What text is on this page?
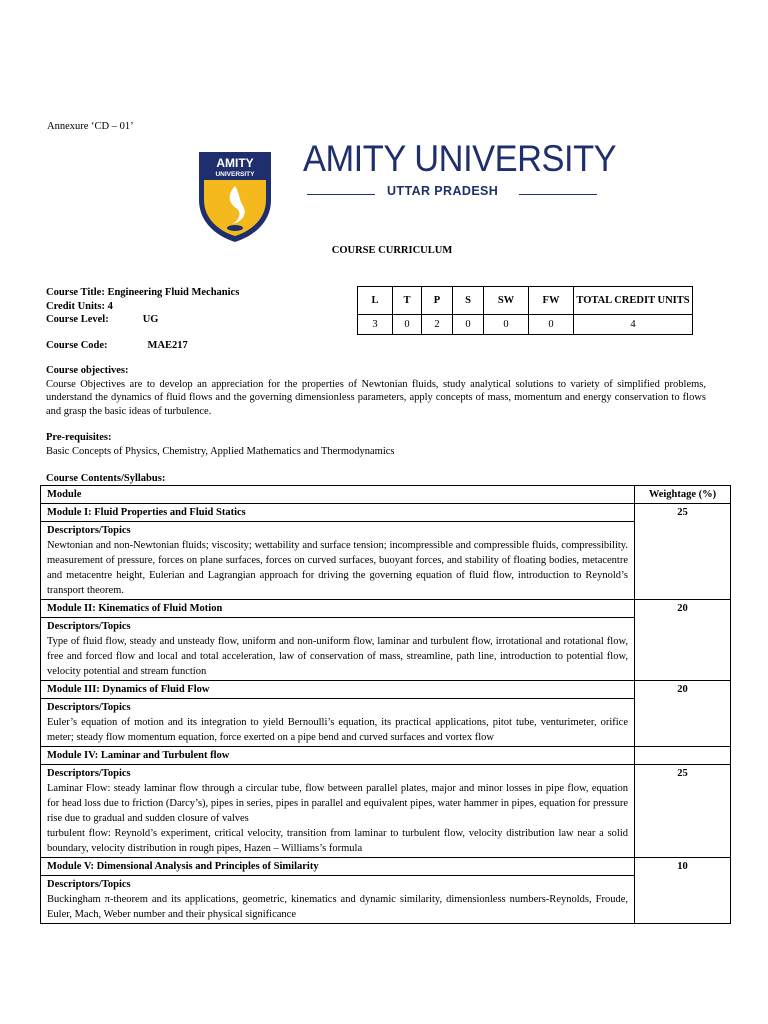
Annexure ‘CD – 01’
AMITY
UNIVERSITY AMITY UNIVERSITY
UTTAR PRADESH
COURSE CURRICULUM
Course Title: Engineering Fluid Mechanics
Credit Units: 4
Course Level:	UG
Course Code:	MAE217
L	T	P	S	SW	FW	TOTAL CREDIT UNITS
3	0	2	0	0	0	4
Course objectives:
Course Objectives are to develop an appreciation for the properties of Newtonian fluids, study analytical solutions to variety of simplified problems, understand the dynamics of fluid flows and the governing dimensionless parameters, apply concepts of mass, momentum and energy conservation to flows and grasp the basic ideas of turbulence.
Pre-requisites:
Basic Concepts of Physics, Chemistry, Applied Mathematics and Thermodynamics
Course Contents/Syllabus:
Module	Weightage (%)
Module I: Fluid Properties and Fluid Statics	25

Descriptors/Topics
Newtonian and non-Newtonian fluids; viscosity; wettability and surface tension; incompressible and compressible fluids, compressibility. measurement of pressure, forces on plane surfaces, forces on curved surfaces, buoyant forces, and stability of floating bodies, metacentre and metacentre height, Eulerian and Lagrangian approach for driving the governing equation of fluid flow, introduction to Reynold’s transport theorem.	

Module II: Kinematics of Fluid Motion	20

Descriptors/Topics
Type of fluid flow, steady and unsteady flow, uniform and non-uniform flow, laminar and turbulent flow, irrotational and rotational flow, free and forced flow and local and total acceleration, law of conservation of mass, streamline, path line, introduction to potential flow, velocity potential and stream function	

Module III: Dynamics of Fluid Flow	20

Descriptors/Topics
Euler’s equation of motion and its integration to yield Bernoulli’s equation, its practical applications, pitot tube, venturimeter, orifice meter; steady flow momentum equation, force exerted on a pipe bend and curved surfaces and vortex flow	

Module IV: Laminar and Turbulent flow	

Descriptors/Topics
Laminar Flow: steady laminar flow through a circular tube, flow between parallel plates, major and minor losses in pipe flow, equation for head loss due to friction (Darcy’s), pipes in series, pipes in parallel and equivalent pipes, water hammer in pipes, equation for pressure rise due to gradual and sudden closure of valves
turbulent flow: Reynold’s experiment, critical velocity, transition from laminar to turbulent flow, velocity distribution law near a solid boundary, velocity distribution in rough pipes, Hazen – Williams’s formula	25
Module V: Dimensional Analysis and Principles of Similarity	10

Descriptors/Topics
Buckingham π-theorem and its applications, geometric, kinematics and dynamic similarity, dimensionless numbers-Reynolds, Froude, Euler, Mach, Weber number and their physical significance	
